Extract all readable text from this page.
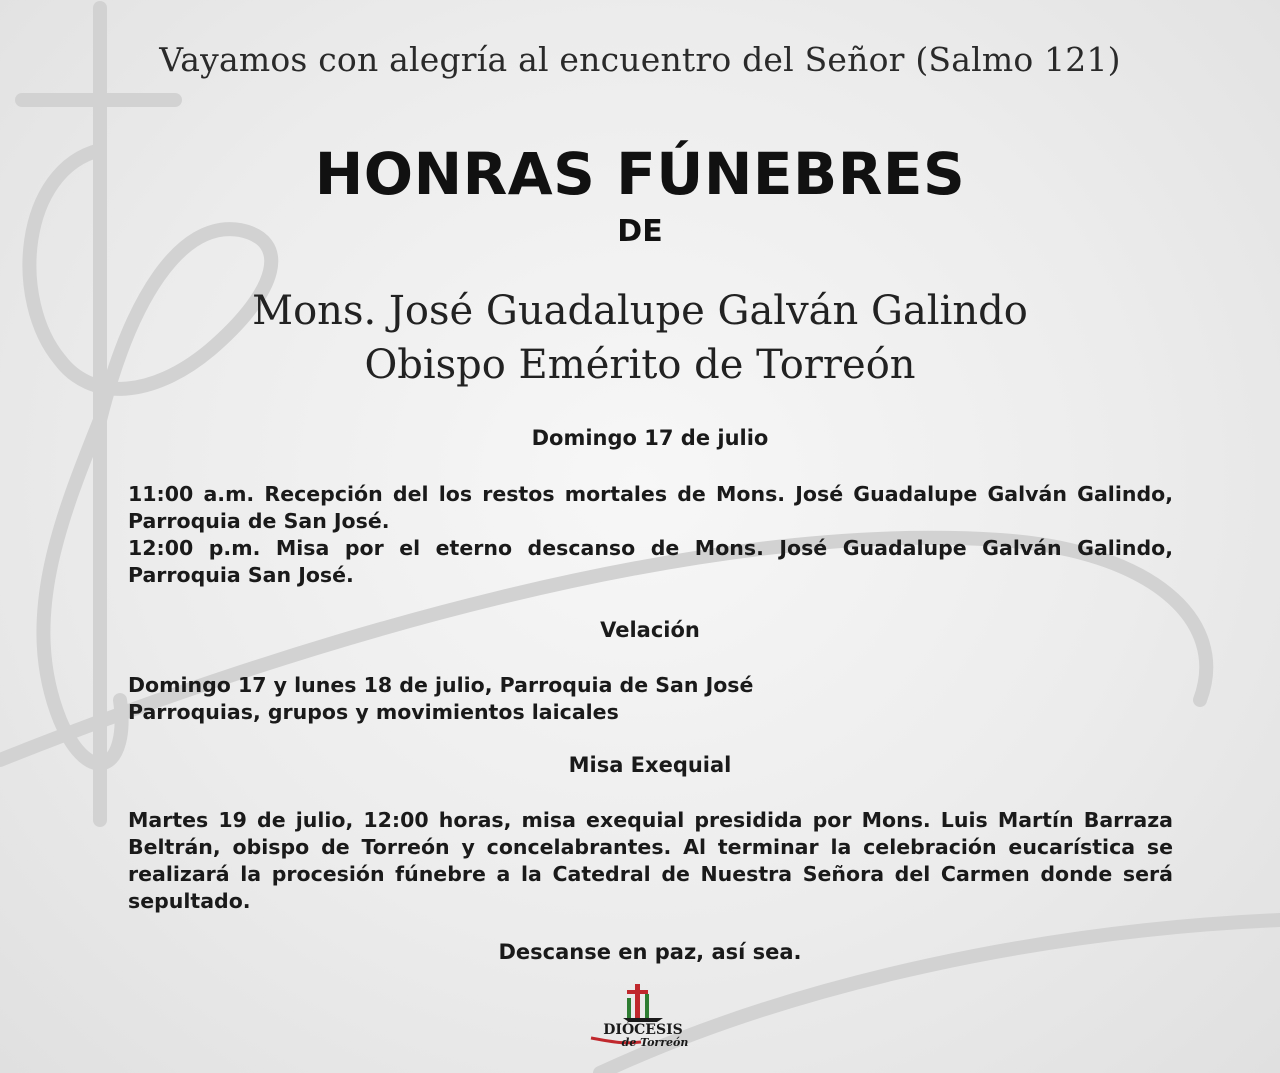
Vayamos con alegría al encuentro del Señor (Salmo 121)
HONRAS FÚNEBRES
DE
Mons. José Guadalupe Galván Galindo
Obispo Emérito de Torreón
Domingo 17 de julio

11:00 a.m. Recepción del los restos mortales de Mons. José Guadalupe Galván Galindo, Parroquia de San José.

12:00 p.m. Misa por el eterno descanso de Mons. José Guadalupe Galván Galindo, Parroquia San José.

Velación

Domingo 17 y lunes 18 de julio, Parroquia de San José

Parroquias, grupos y movimientos laicales

Misa Exequial

Martes 19 de julio, 12:00 horas, misa exequial presidida por Mons. Luis Martín Barraza Beltrán, obispo de Torreón y concelabrantes. Al terminar la celebración eucarística se realizará la procesión fúnebre a la Catedral de Nuestra Señora del Carmen donde será sepultado.

Descanse en paz, así sea.
DIÓCESIS
de Torreón
